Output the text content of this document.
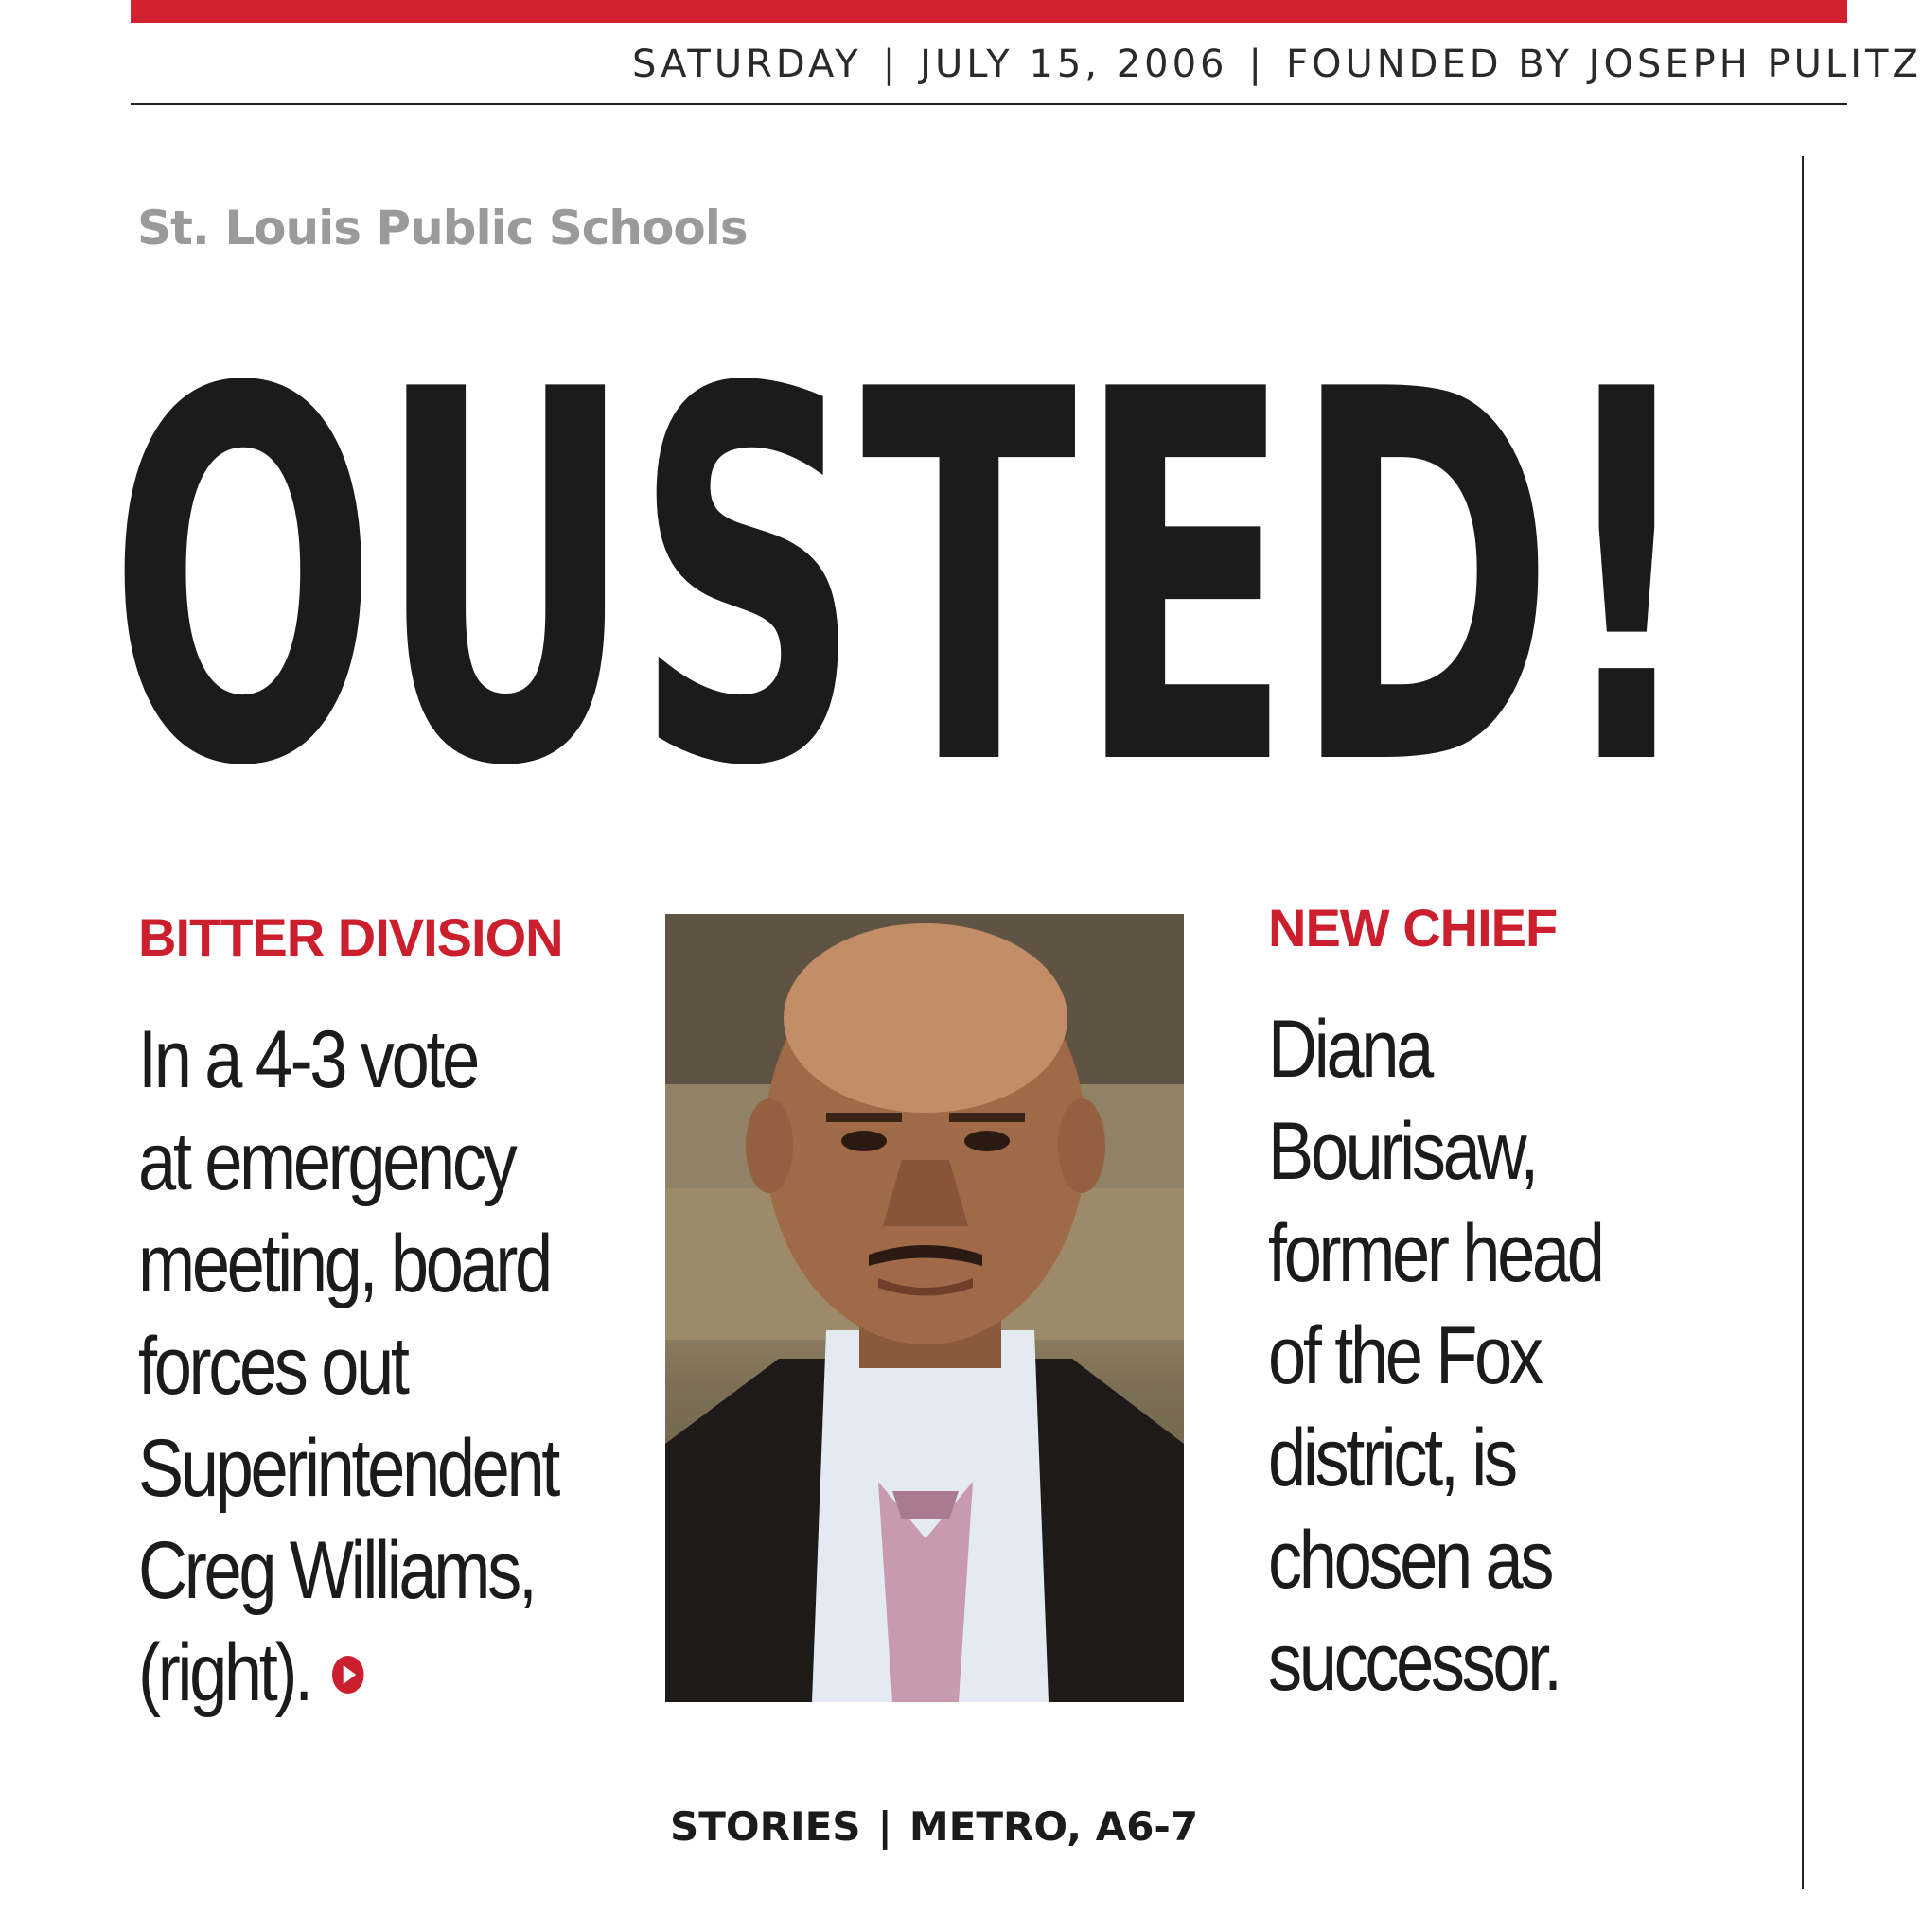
SATURDAY | JULY 15, 2006 | FOUNDED BY JOSEPH PULITZ
St. Louis Public Schools
OUSTED!
BITTER DIVISION
In a 4-3 vote
at emergency
meeting, board
forces out
Superintendent
Creg Williams,
(right).
NEW CHIEF
Diana
Bourisaw,
former head
of the Fox
district, is
chosen as
successor.
STORIES | METRO, A6-7
